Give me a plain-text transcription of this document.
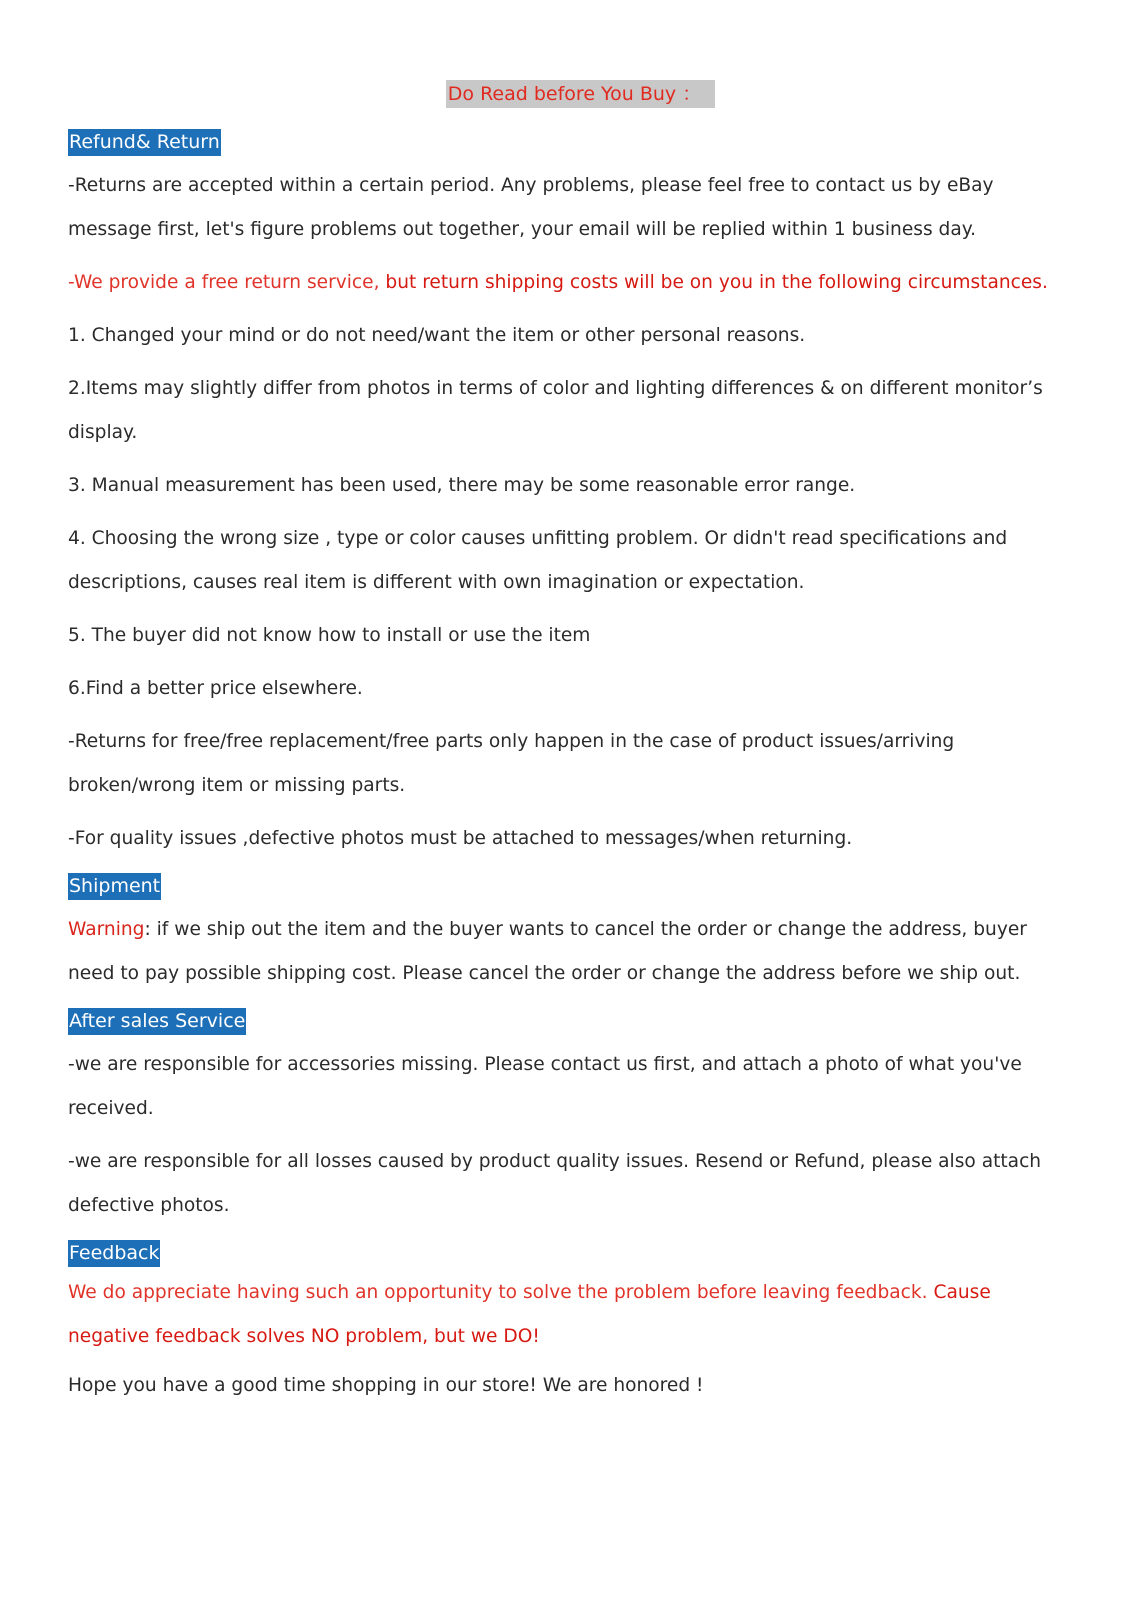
Do Read before You Buy ：
Refund& Return

-Returns are accepted within a certain period. Any problems, please feel free to contact us by eBay message first, let's figure problems out together, your email will be replied within 1 business day.

-We provide a free return service, but return shipping costs will be on you in the following circumstances.

1. Changed your mind or do not need/want the item or other personal reasons.

2.Items may slightly differ from photos in terms of color and lighting differences & on different monitor’s display.

3. Manual measurement has been used, there may be some reasonable error range.

4. Choosing the wrong size , type or color causes unfitting problem. Or didn't read specifications and descriptions, causes real item is different with own imagination or expectation.

5. The buyer did not know how to install or use the item

6.Find a better price elsewhere.

-Returns for free/free replacement/free parts only happen in the case of product issues/arriving broken/wrong item or missing parts.

-For quality issues ,defective photos must be attached to messages/when returning.

Shipment

Warning: if we ship out the item and the buyer wants to cancel the order or change the address, buyer need to pay possible shipping cost. Please cancel the order or change the address before we ship out.

After sales Service

-we are responsible for accessories missing. Please contact us first, and attach a photo of what you've received.

-we are responsible for all losses caused by product quality issues. Resend or Refund, please also attach defective photos.

Feedback

We do appreciate having such an opportunity to solve the problem before leaving feedback. Cause negative feedback solves NO problem, but we DO!

Hope you have a good time shopping in our store! We are honored !
